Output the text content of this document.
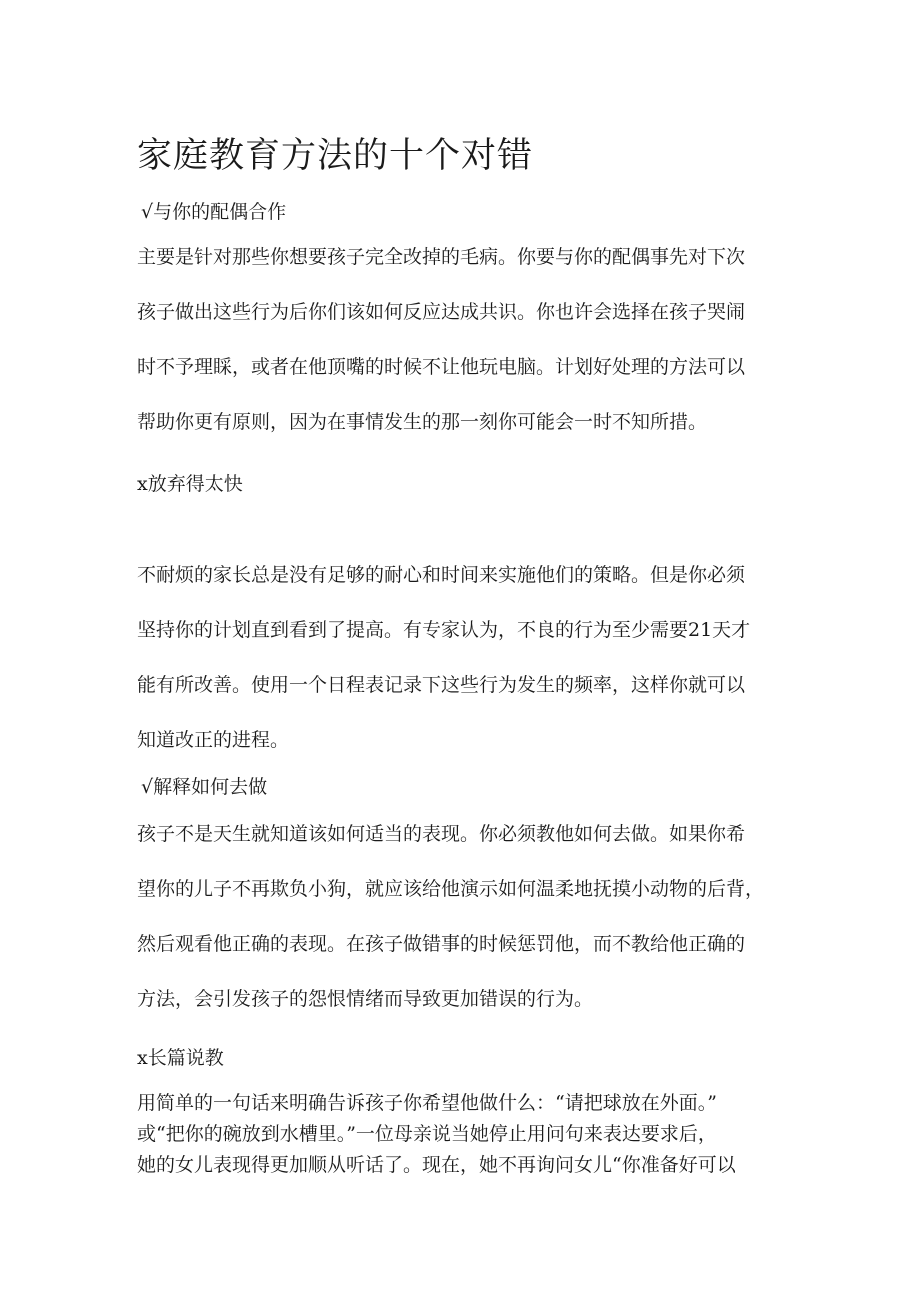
家庭教育方法的十个对错
√与你的配偶合作
主要是针对那些你想要孩子完全改掉的毛病。你要与你的配偶事先对下次
孩子做出这些行为后你们该如何反应达成共识。你也许会选择在孩子哭闹
时不予理睬，或者在他顶嘴的时候不让他玩电脑。计划好处理的方法可以
帮助你更有原则，因为在事情发生的那一刻你可能会一时不知所措。
x放弃得太快
不耐烦的家长总是没有足够的耐心和时间来实施他们的策略。但是你必须
坚持你的计划直到看到了提高。有专家认为，不良的行为至少需要21天才
能有所改善。使用一个日程表记录下这些行为发生的频率，这样你就可以
知道改正的进程。
√解释如何去做
孩子不是天生就知道该如何适当的表现。你必须教他如何去做。如果你希
望你的儿子不再欺负小狗，就应该给他演示如何温柔地抚摸小动物的后背，
然后观看他正确的表现。在孩子做错事的时候惩罚他，而不教给他正确的
方法，会引发孩子的怨恨情绪而导致更加错误的行为。
x长篇说教
用简单的一句话来明确告诉孩子你希望他做什么：“请把球放在外面。”
或“把你的碗放到水槽里。”一位母亲说当她停止用问句来表达要求后，
她的女儿表现得更加顺从听话了。现在，她不再询问女儿“你准备好可以
